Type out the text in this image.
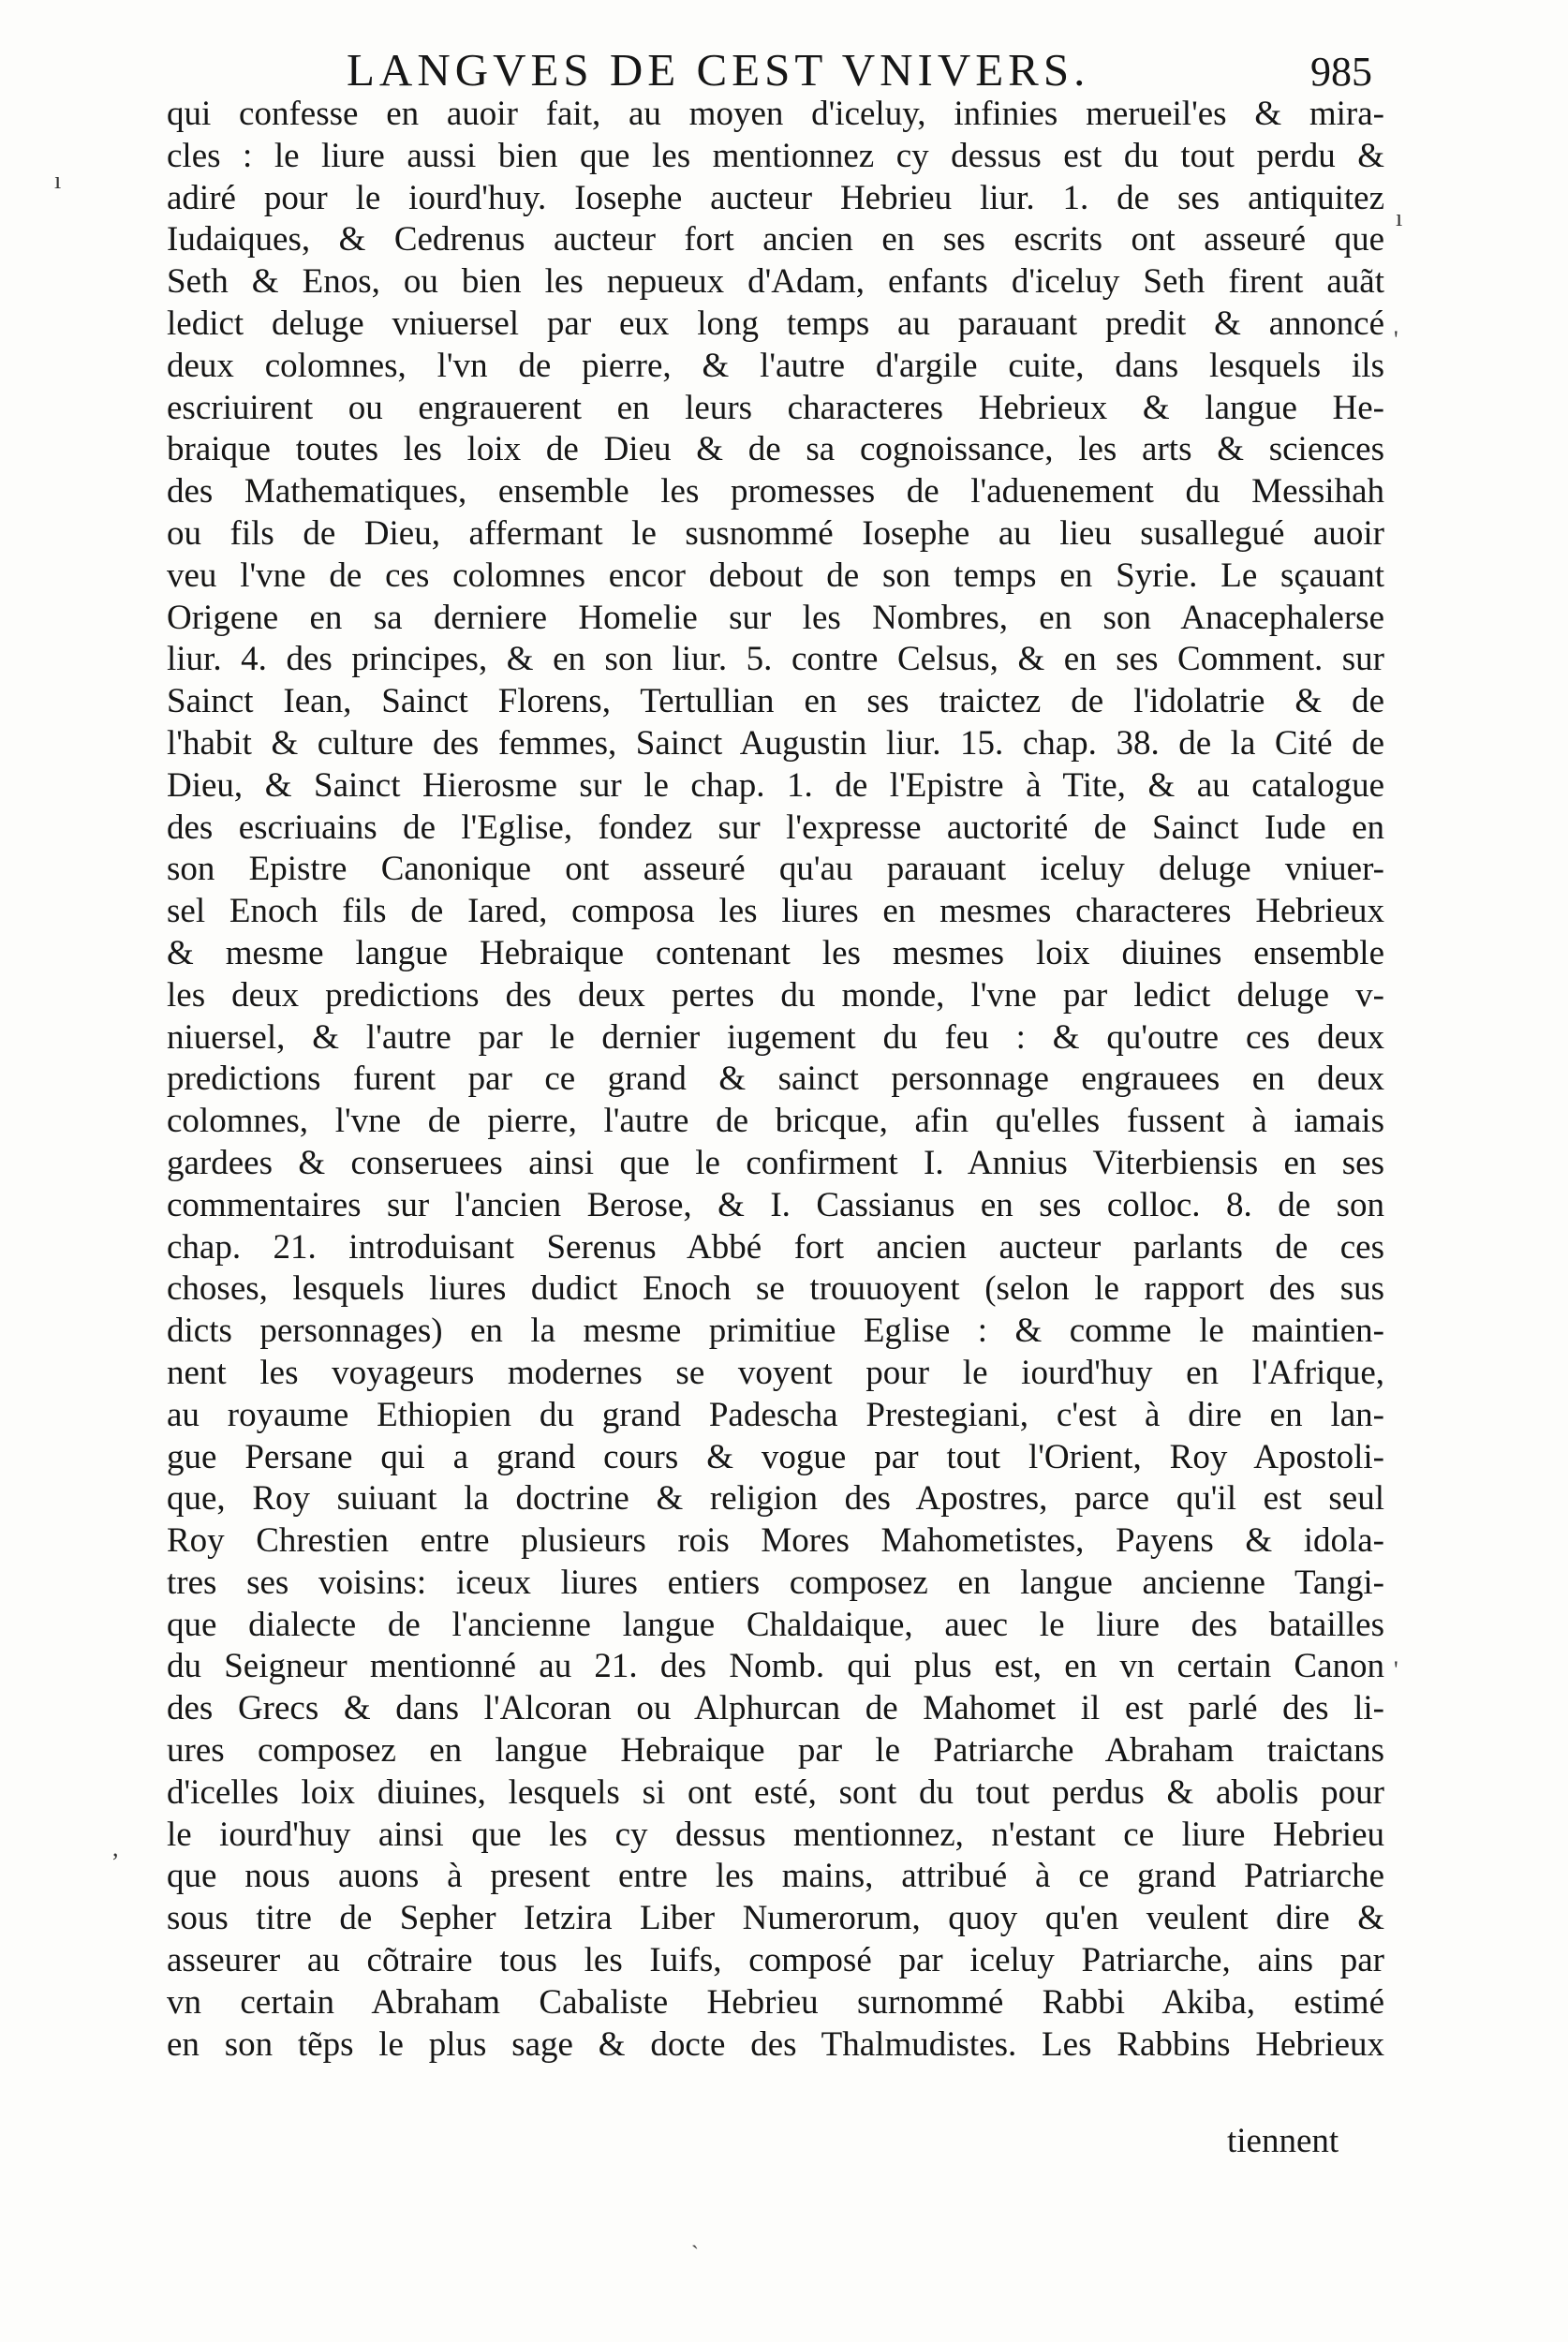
LANGVES DE CEST VNIVERS.	985
qui confesse en auoir fait, au moyen d'iceluy, infinies merueil'es & mira-
cles : le liure aussi bien que les mentionnez cy dessus est du tout perdu &
adiré pour le iourd'huy. Iosephe aucteur Hebrieu liur. 1. de ses antiquitez
Iudaiques, & Cedrenus aucteur fort ancien en ses escrits ont asseuré que
Seth & Enos, ou bien les nepueux d'Adam, enfants d'iceluy Seth firent auãt
ledict deluge vniuersel par eux long temps au parauant predit & annoncé
deux colomnes, l'vn de pierre, & l'autre d'argile cuite, dans lesquels ils
escriuirent ou engrauerent en leurs characteres Hebrieux & langue He-
braique toutes les loix de Dieu & de sa cognoissance, les arts & sciences
des Mathematiques, ensemble les promesses de l'aduenement du Messihah
ou fils de Dieu, affermant le susnommé Iosephe au lieu susallegué auoir
veu l'vne de ces colomnes encor debout de son temps en Syrie. Le sçauant
Origene en sa derniere Homelie sur les Nombres, en son Anacephalerse
liur. 4. des principes, & en son liur. 5. contre Celsus, & en ses Comment. sur
Sainct Iean, Sainct Florens, Tertullian en ses traictez de l'idolatrie & de
l'habit & culture des femmes, Sainct Augustin liur. 15. chap. 38. de la Cité de
Dieu, & Sainct Hierosme sur le chap. 1. de l'Epistre à Tite, & au catalogue
des escriuains de l'Eglise, fondez sur l'expresse auctorité de Sainct Iude en
son Epistre Canonique ont asseuré qu'au parauant iceluy deluge vniuer-
sel Enoch fils de Iared, composa les liures en mesmes characteres Hebrieux
& mesme langue Hebraique contenant les mesmes loix diuines ensemble
les deux predictions des deux pertes du monde, l'vne par ledict deluge v-
niuersel, & l'autre par le dernier iugement du feu : & qu'outre ces deux
predictions furent par ce grand & sainct personnage engrauees en deux
colomnes, l'vne de pierre, l'autre de bricque, afin qu'elles fussent à iamais
gardees & conseruees ainsi que le confirment I. Annius Viterbiensis en ses
commentaires sur l'ancien Berose, & I. Cassianus en ses colloc. 8. de son
chap. 21. introduisant Serenus Abbé fort ancien aucteur parlants de ces
choses, lesquels liures dudict Enoch se trouuoyent (selon le rapport des sus
dicts personnages) en la mesme primitiue Eglise : & comme le maintien-
nent les voyageurs modernes se voyent pour le iourd'huy en l'Afrique,
au royaume Ethiopien du grand Padescha Prestegiani, c'est à dire en lan-
gue Persane qui a grand cours & vogue par tout l'Orient, Roy Apostoli-
que, Roy suiuant la doctrine & religion des Apostres, parce qu'il est seul
Roy Chrestien entre plusieurs rois Mores Mahometistes, Payens & idola-
tres ses voisins: iceux liures entiers composez en langue ancienne Tangi-
que dialecte de l'ancienne langue Chaldaique, auec le liure des batailles
du Seigneur mentionné au 21. des Nomb. qui plus est, en vn certain Canon
des Grecs & dans l'Alcoran ou Alphurcan de Mahomet il est parlé des li-
ures composez en langue Hebraique par le Patriarche Abraham traictans
d'icelles loix diuines, lesquels si ont esté, sont du tout perdus & abolis pour
le iourd'huy ainsi que les cy dessus mentionnez, n'estant ce liure Hebrieu
que nous auons à present entre les mains, attribué à ce grand Patriarche
sous titre de Sepher Ietzira Liber Numerorum, quoy qu'en veulent dire &
asseurer au cõtraire tous les Iuifs, composé par iceluy Patriarche, ains par
vn certain Abraham Cabaliste Hebrieu surnommé Rabbi Akiba, estimé
en son tẽps le plus sage & docte des Thalmudistes. Les Rabbins Hebrieux
tiennent
ı
ı
'
'
,
ˋ
